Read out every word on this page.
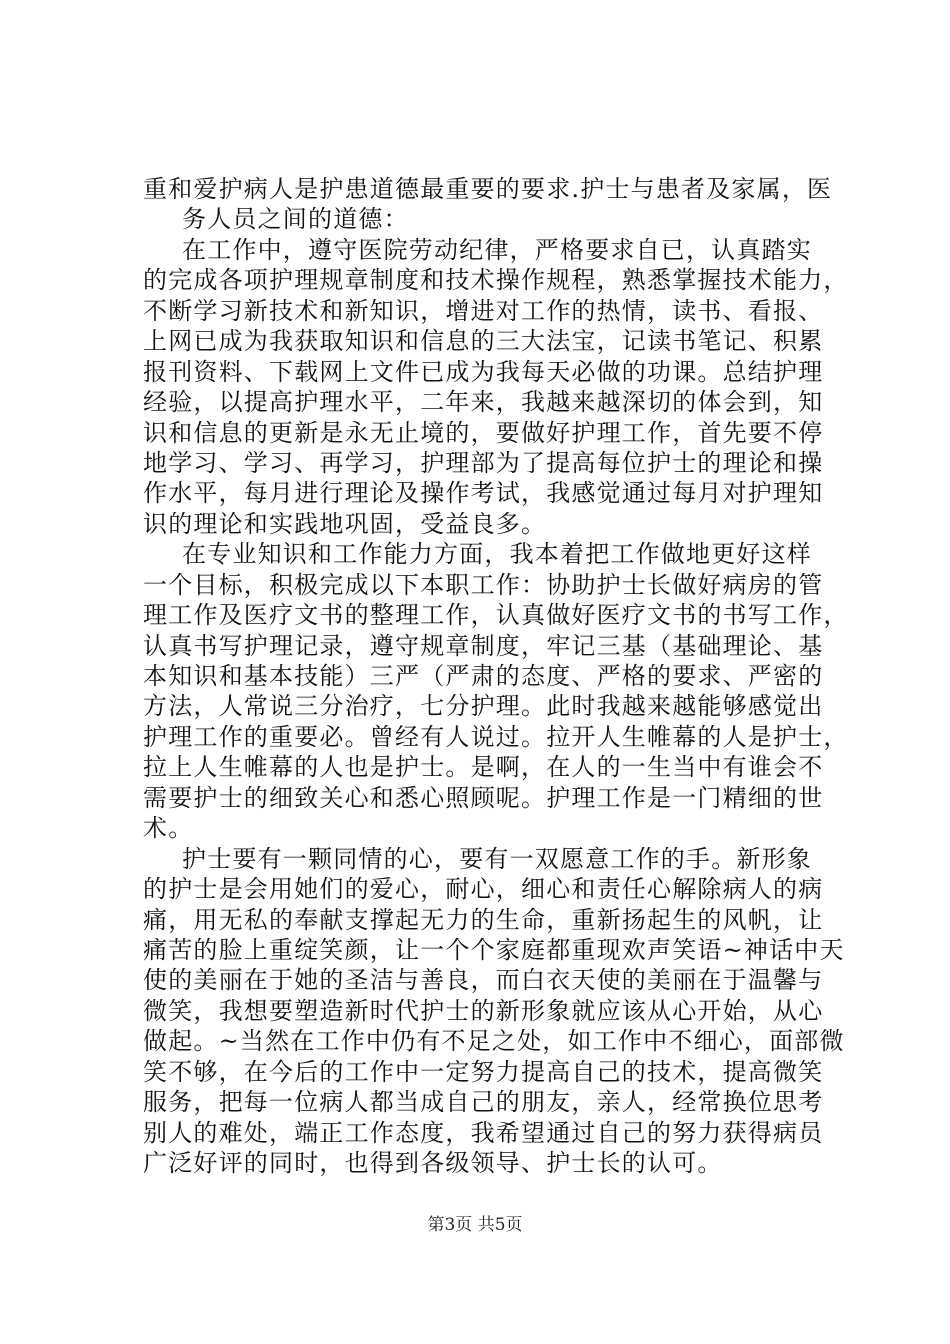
重和爱护病人是护患道德最重要的要求.护士与患者及家属，医
务人员之间的道德：
在工作中，遵守医院劳动纪律，严格要求自已，认真踏实
的完成各项护理规章制度和技术操作规程，熟悉掌握技术能力，
不断学习新技术和新知识，增进对工作的热情，读书、看报、
上网已成为我获取知识和信息的三大法宝，记读书笔记、积累
报刊资料、下载网上文件已成为我每天必做的功课。总结护理
经验，以提高护理水平，二年来，我越来越深切的体会到，知
识和信息的更新是永无止境的，要做好护理工作，首先要不停
地学习、学习、再学习，护理部为了提高每位护士的理论和操
作水平，每月进行理论及操作考试，我感觉通过每月对护理知
识的理论和实践地巩固，受益良多。
在专业知识和工作能力方面，我本着把工作做地更好这样
一个目标，积极完成以下本职工作：协助护士长做好病房的管
理工作及医疗文书的整理工作，认真做好医疗文书的书写工作，
认真书写护理记录，遵守规章制度，牢记三基（基础理论、基
本知识和基本技能）三严（严肃的态度、严格的要求、严密的
方法，人常说三分治疗，七分护理。此时我越来越能够感觉出
护理工作的重要必。曾经有人说过。拉开人生帷幕的人是护士，
拉上人生帷幕的人也是护士。是啊，在人的一生当中有谁会不
需要护士的细致关心和悉心照顾呢。护理工作是一门精细的世
术。
护士要有一颗同情的心，要有一双愿意工作的手。新形象
的护士是会用她们的爱心，耐心，细心和责任心解除病人的病
痛，用无私的奉献支撑起无力的生命，重新扬起生的风帆，让
痛苦的脸上重绽笑颜，让一个个家庭都重现欢声笑语~神话中天
使的美丽在于她的圣洁与善良，而白衣天使的美丽在于温馨与
微笑，我想要塑造新时代护士的新形象就应该从心开始，从心
做起。~当然在工作中仍有不足之处，如工作中不细心，面部微
笑不够，在今后的工作中一定努力提高自己的技术，提高微笑
服务，把每一位病人都当成自己的朋友，亲人，经常换位思考
别人的难处，端正工作态度，我希望通过自己的努力获得病员
广泛好评的同时，也得到各级领导、护士长的认可。
第3页 共5页
